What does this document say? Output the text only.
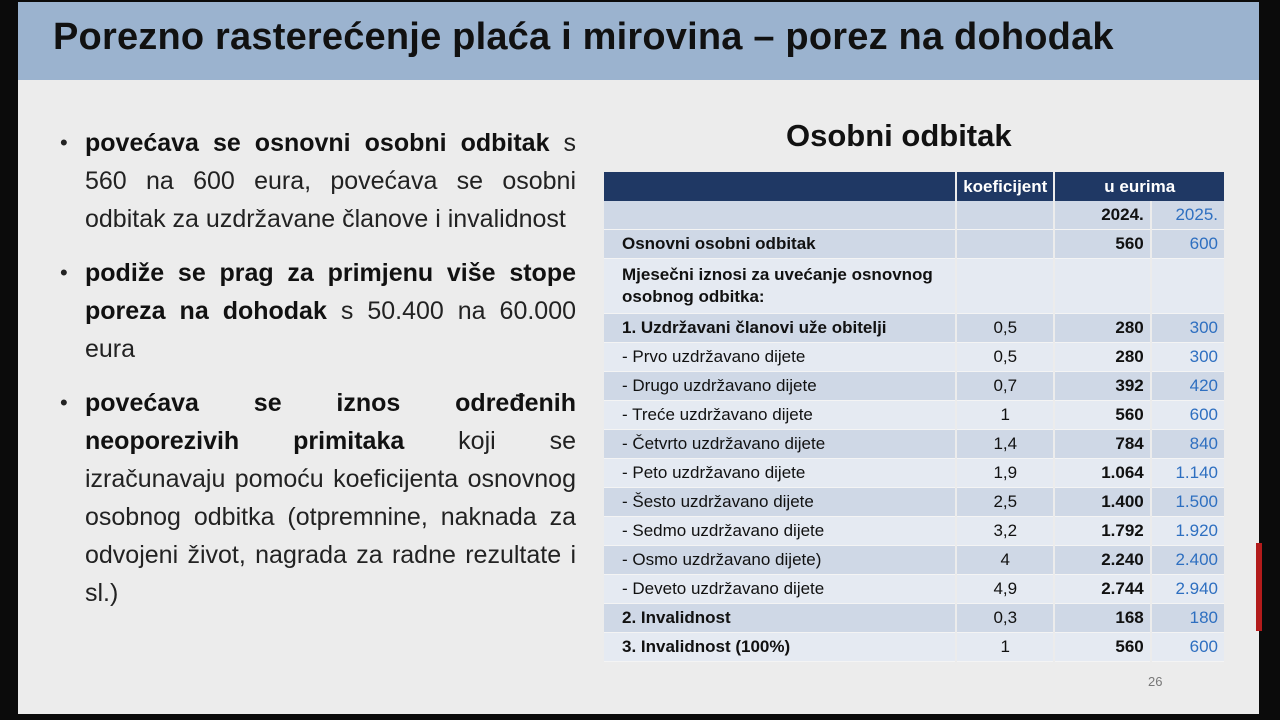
Porezno rasterećenje plaća i mirovina – porez na dohodak
• povećava se osnovni osobni odbitak s 560 na 600 eura, povećava se osobni odbitak za uzdržavane članove i invalidnost
• podiže se prag za primjenu više stope poreza na dohodak s 50.400 na 60.000 eura
• povećava se iznos određenih neoporezivih primitaka koji se izračunavaju pomoću koeficijenta osnovnog osobnog odbitka (otpremnine, naknada za odvojeni život, nagrada za radne rezultate i sl.)
Osobni odbitak
	koeficijent	u eurima	
		2024.	2025.
Osnovni osobni odbitak		560	600
Mjesečni iznosi za uvećanje osnovnog osobnog odbitka:			
1. Uzdržavani članovi uže obitelji	0,5	280	300
- Prvo uzdržavano dijete	0,5	280	300
- Drugo uzdržavano dijete	0,7	392	420
- Treće uzdržavano dijete	1	560	600
- Četvrto uzdržavano dijete	1,4	784	840
- Peto uzdržavano dijete	1,9	1.064	1.140
- Šesto uzdržavano dijete	2,5	1.400	1.500
- Sedmo uzdržavano dijete	3,2	1.792	1.920
- Osmo uzdržavano dijete)	4	2.240	2.400
- Deveto uzdržavano dijete	4,9	2.744	2.940
2. Invalidnost	0,3	168	180
3. Invalidnost (100%)	1	560	600
26
